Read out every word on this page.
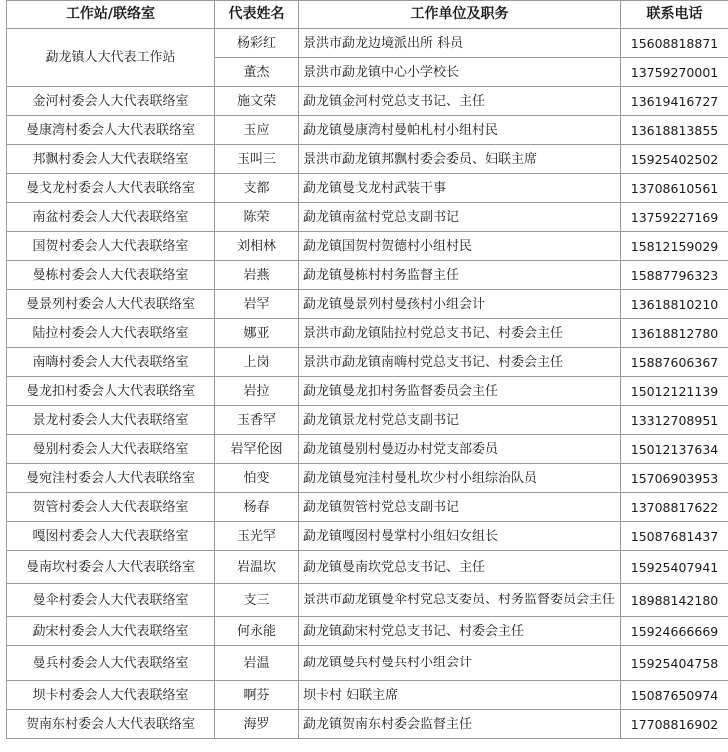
工作站/联络室	代表姓名	工作单位及职务	联系电话
勐龙镇人大代表工作站	杨彩红	景洪市勐龙边境派出所 科员	15608818871
	董杰	景洪市勐龙镇中心小学校长	13759270001
金河村委会人大代表联络室	施文荣	勐龙镇金河村党总支书记、主任	13619416727
曼康湾村委会人大代表联络室	玉应	勐龙镇曼康湾村曼帕札村小组村民	13618813855
邦飘村委会人大代表联络室	玉叫三	景洪市勐龙镇邦飘村委会委员、妇联主席	15925402502
曼戈龙村委会人大代表联络室	支都	勐龙镇曼戈龙村武装干事	13708610561
南盆村委会人大代表联络室	陈荣	勐龙镇南盆村党总支副书记	13759227169
国贺村委会人大代表联络室	刘相林	勐龙镇国贺村贺德村小组村民	15812159029
曼栋村委会人大代表联络室	岩燕	勐龙镇曼栋村村务监督主任	15887796323
曼景列村委会人大代表联络室	岩罕	勐龙镇曼景列村曼孩村小组会计	13618810210
陆拉村委会人大代表联络室	娜亚	景洪市勐龙镇陆拉村党总支书记、村委会主任	13618812780
南嗨村委会人大代表联络室	上岗	景洪市勐龙镇南嗨村党总支书记、村委会主任	15887606367
曼龙扣村委会人大代表联络室	岩拉	勐龙镇曼龙扣村务监督委员会主任	15012121139
景龙村委会人大代表联络室	玉香罕	勐龙镇景龙村党总支副书记	13312708951
曼别村委会人大代表联络室	岩罕伦囡	勐龙镇曼别村曼迈办村党支部委员	15012137634
曼宛洼村委会人大代表联络室	怕变	勐龙镇曼宛洼村曼札坎少村小组综治队员	15706903953
贺管村委会人大代表联络室	杨春	勐龙镇贺管村党总支副书记	13708817622
嘎囡村委会人大代表联络室	玉光罕	勐龙镇嘎囡村曼掌村小组妇女组长	15087681437
曼南坎村委会人大代表联络室	岩温坎	勐龙镇曼南坎党总支书记、主任	15925407941
曼伞村委会人大代表联络室	支三	景洪市勐龙镇曼伞村党总支委员、村务监督委员会主任	18988142180
勐宋村委会人大代表联络室	何永能	勐龙镇勐宋村党总支书记、村委会主任	15924666669
曼兵村委会人大代表联络室	岩温	勐龙镇曼兵村曼兵村小组会计	15925404758
坝卡村委会人大代表联络室	啊芬	坝卡村 妇联主席	15087650974
贺南东村委会人大代表联络室	海罗	勐龙镇贺南东村委会监督主任	17708816902
